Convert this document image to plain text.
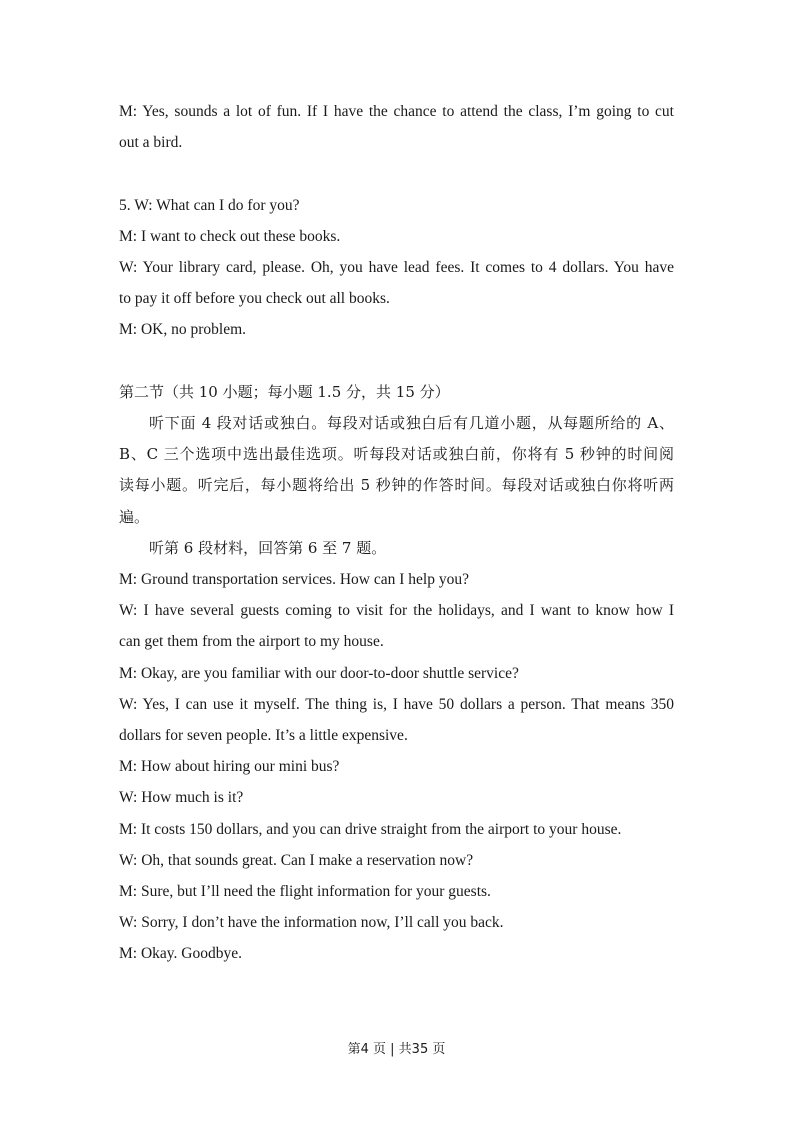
M: Yes, sounds a lot of fun. If I have the chance to attend the class, I’m going to cut
out a bird.
5. W: What can I do for you?
M: I want to check out these books.
W: Your library card, please. Oh, you have lead fees. It comes to 4 dollars. You have
to pay it off before you check out all books.
M: OK, no problem.
第二节（共 10 小题；每小题 1.5 分，共 15 分）
听下面 4 段对话或独白。每段对话或独白后有几道小题，从每题所给的 A、
B、C 三个选项中选出最佳选项。听每段对话或独白前，你将有 5 秒钟的时间阅
读每小题。听完后，每小题将给出 5 秒钟的作答时间。每段对话或独白你将听两
遍。
听第 6 段材料，回答第 6 至 7 题。
M: Ground transportation services. How can I help you?
W: I have several guests coming to visit for the holidays, and I want to know how I
can get them from the airport to my house.
M: Okay, are you familiar with our door-to-door shuttle service?
W: Yes, I can use it myself. The thing is, I have 50 dollars a person. That means 350
dollars for seven people. It’s a little expensive.
M: How about hiring our mini bus?
W: How much is it?
M: It costs 150 dollars, and you can drive straight from the airport to your house.
W: Oh, that sounds great. Can I make a reservation now?
M: Sure, but I’ll need the flight information for your guests.
W: Sorry, I don’t have the information now, I’ll call you back.
M: Okay. Goodbye.
第4 页 | 共35 页
